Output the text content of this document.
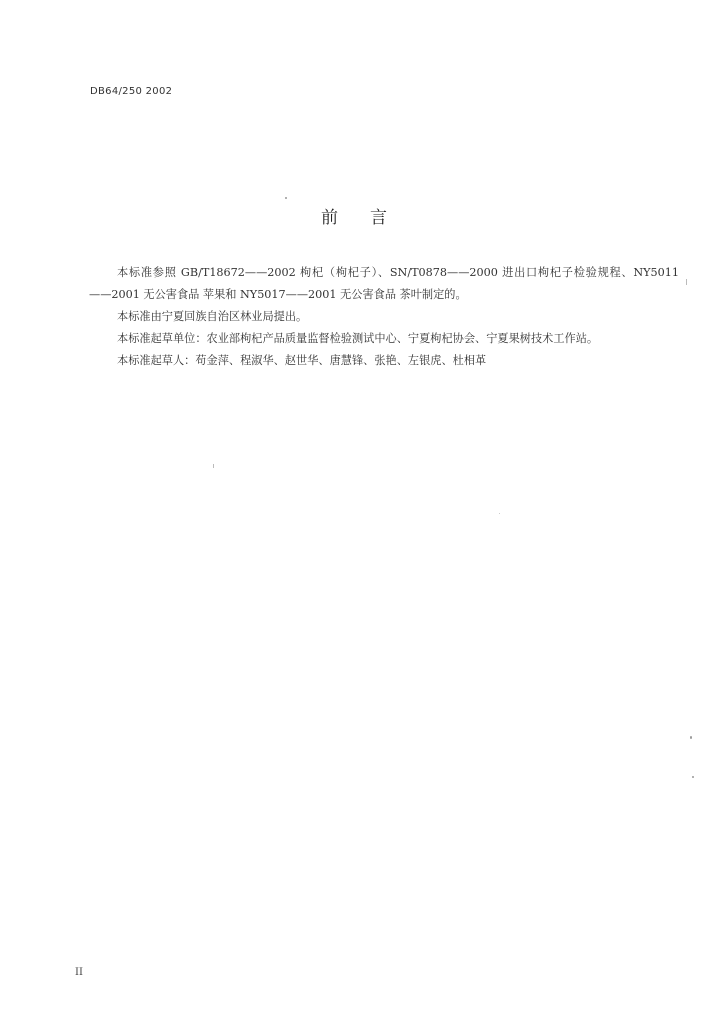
DB64/250 2002
前言

本标准参照 GB/T18672——2002 枸杞（枸杞子）、SN/T0878——2000 进出口枸杞子检验规程、NY5011——2001 无公害食品 苹果和 NY5017——2001 无公害食品 茶叶制定的。

本标准由宁夏回族自治区林业局提出。

本标准起草单位：农业部枸杞产品质量监督检验测试中心、宁夏枸杞协会、宁夏果树技术工作站。

本标准起草人：苟金萍、程淑华、赵世华、唐慧锋、张艳、左银虎、杜相革

II
